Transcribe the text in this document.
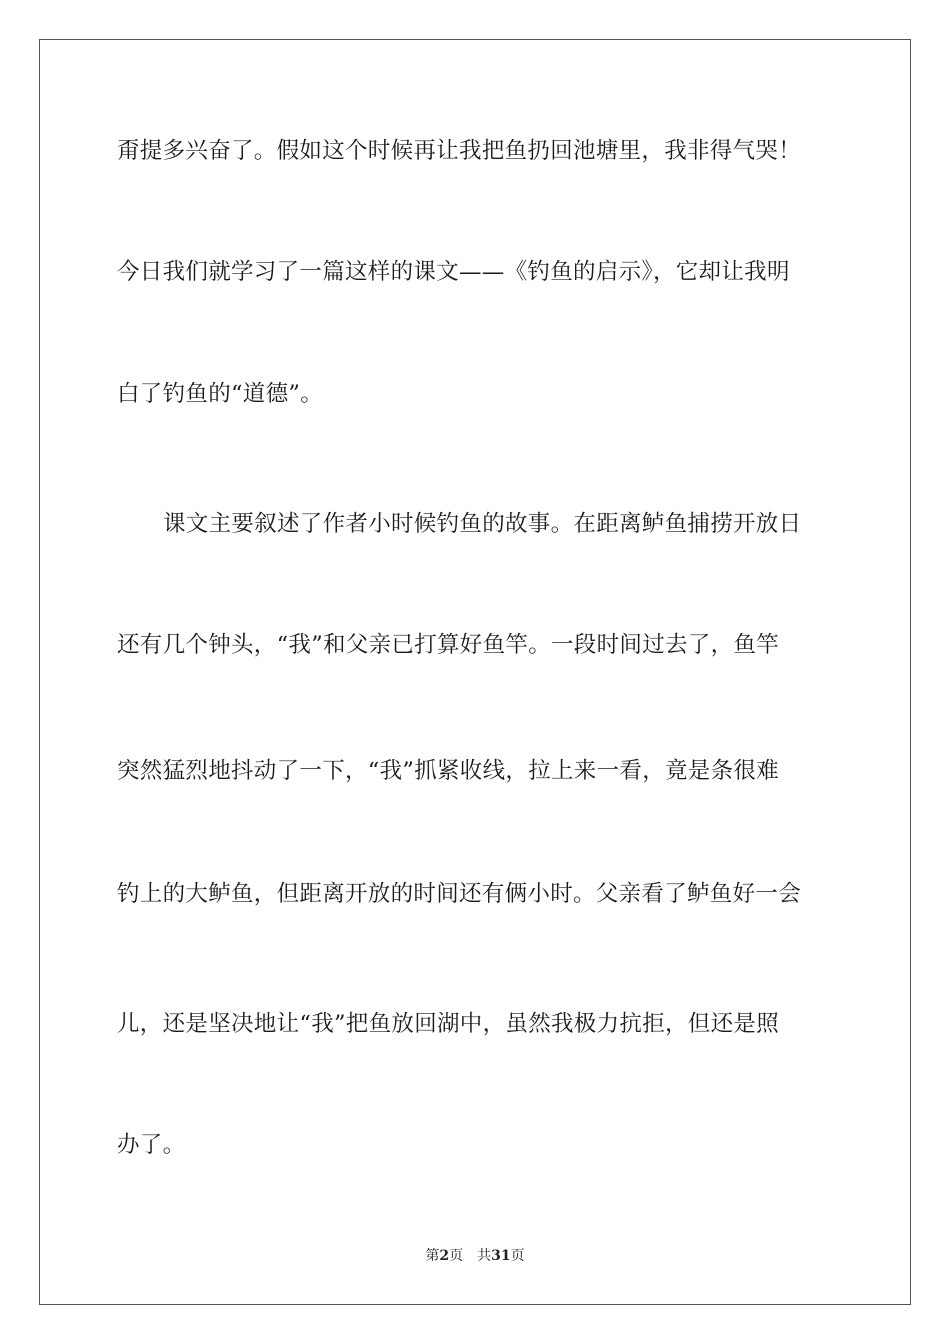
甭提多兴奋了。假如这个时候再让我把鱼扔回池塘里，我非得气哭！
今日我们就学习了一篇这样的课文——《钓鱼的启示》，它却让我明
白了钓鱼的“道德”。
课文主要叙述了作者小时候钓鱼的故事。在距离鲈鱼捕捞开放日
还有几个钟头，“我”和父亲已打算好鱼竿。一段时间过去了，鱼竿
突然猛烈地抖动了一下，“我”抓紧收线，拉上来一看，竟是条很难
钓上的大鲈鱼，但距离开放的时间还有俩小时。父亲看了鲈鱼好一会
儿，还是坚决地让“我”把鱼放回湖中，虽然我极力抗拒，但还是照
办了。
第2页 共31页
